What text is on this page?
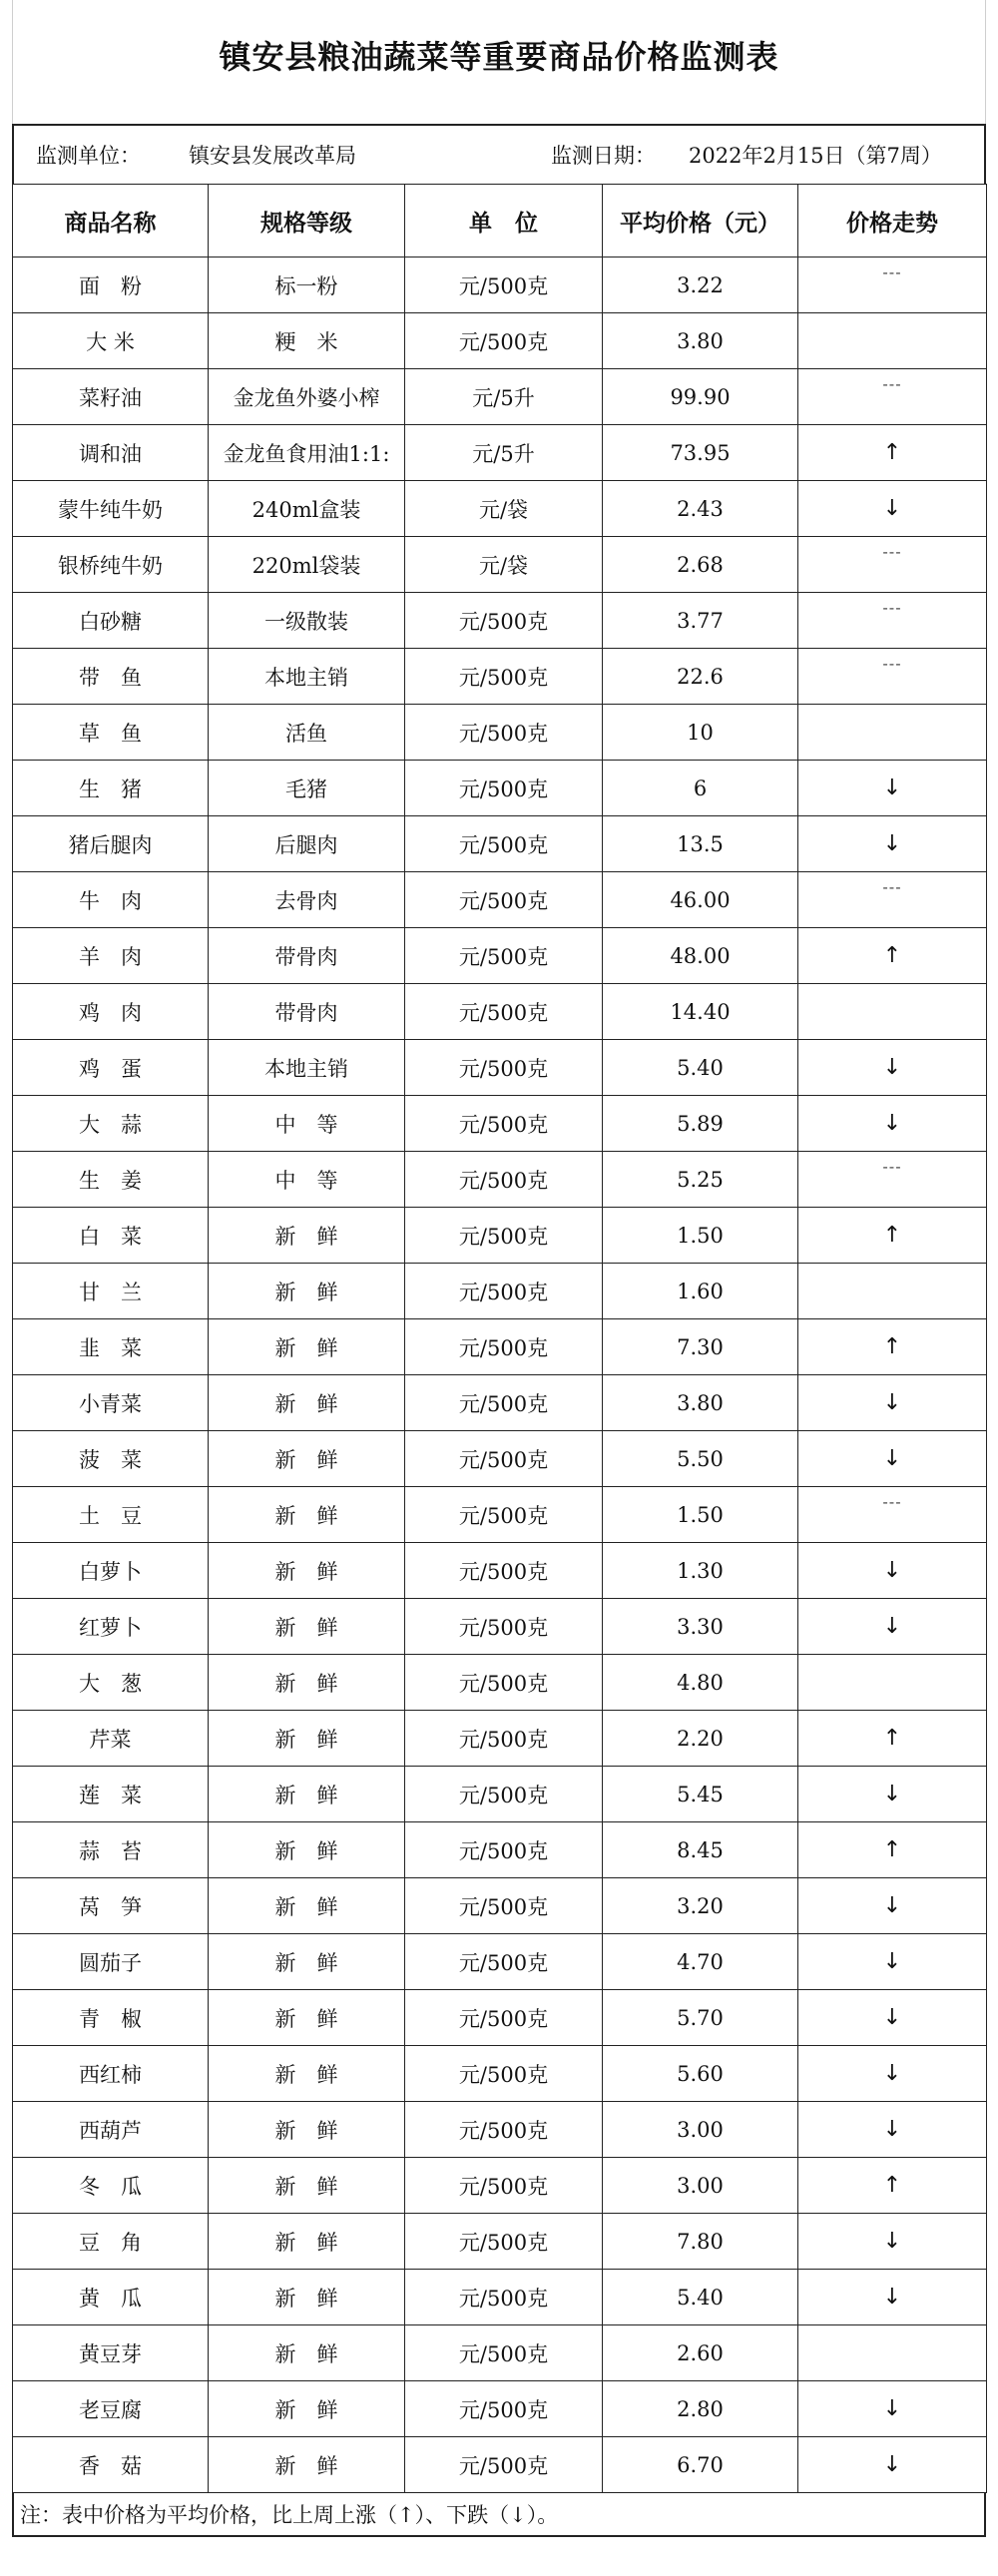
镇安县粮油蔬菜等重要商品价格监测表
监测单位： 镇安县发展改革局	监测日期： 2022年2月15日（第7周）
商品名称	规格等级	单　位	平均价格（元）	价格走势
面　粉	标一粉	元/500克	3.22	---

大 米	粳　米	元/500克	3.80	
菜籽油	金龙鱼外婆小榨	元/5升	99.90	---

调和油	金龙鱼食用油1:1:	元/5升	73.95	↑
蒙牛纯牛奶	240ml盒装	元/袋	2.43	↓
银桥纯牛奶	220ml袋装	元/袋	2.68	---

白砂糖	一级散装	元/500克	3.77	---

带　鱼	本地主销	元/500克	22.6	---

草　鱼	活鱼	元/500克	10	
生　猪	毛猪	元/500克	6	↓
猪后腿肉	后腿肉	元/500克	13.5	↓
牛　肉	去骨肉	元/500克	46.00	---

羊　肉	带骨肉	元/500克	48.00	↑
鸡　肉	带骨肉	元/500克	14.40	
鸡　蛋	本地主销	元/500克	5.40	↓
大　蒜	中　等	元/500克	5.89	↓
生　姜	中　等	元/500克	5.25	---

白　菜	新　鲜	元/500克	1.50	↑
甘　兰	新　鲜	元/500克	1.60	
韭　菜	新　鲜	元/500克	7.30	↑
小青菜	新　鲜	元/500克	3.80	↓
菠　菜	新　鲜	元/500克	5.50	↓
土　豆	新　鲜	元/500克	1.50	---

白萝卜	新　鲜	元/500克	1.30	↓
红萝卜	新　鲜	元/500克	3.30	↓
大　葱	新　鲜	元/500克	4.80	
芹菜	新　鲜	元/500克	2.20	↑
莲　菜	新　鲜	元/500克	5.45	↓
蒜　苔	新　鲜	元/500克	8.45	↑
莴　笋	新　鲜	元/500克	3.20	↓
圆茄子	新　鲜	元/500克	4.70	↓
青　椒	新　鲜	元/500克	5.70	↓
西红柿	新　鲜	元/500克	5.60	↓
西葫芦	新　鲜	元/500克	3.00	↓
冬　瓜	新　鲜	元/500克	3.00	↑
豆　角	新　鲜	元/500克	7.80	↓
黄　瓜	新　鲜	元/500克	5.40	↓
黄豆芽	新　鲜	元/500克	2.60	
老豆腐	新　鲜	元/500克	2.80	↓
香　菇	新　鲜	元/500克	6.70	↓
注：表中价格为平均价格，比上周上涨（↑）、下跌（↓）。
